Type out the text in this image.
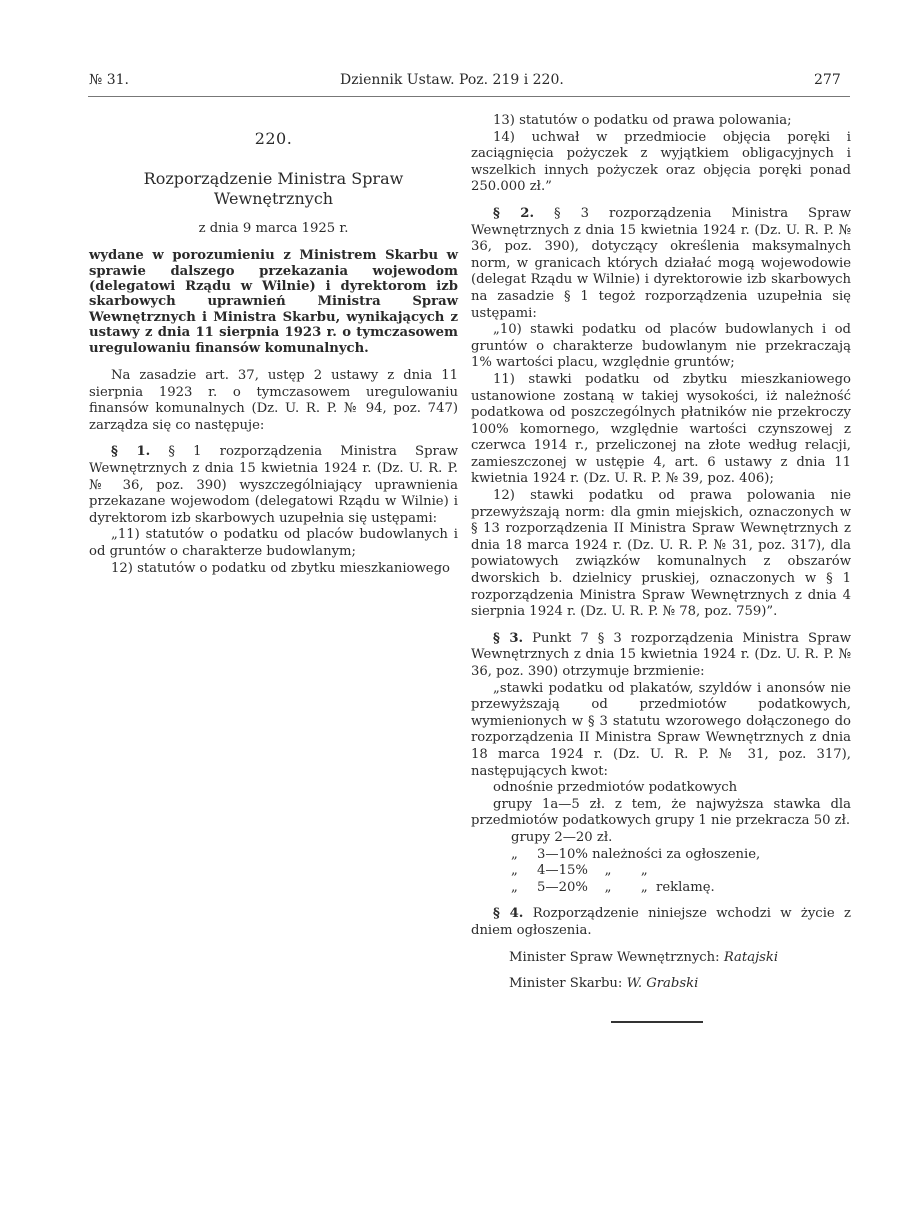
№ 31.	Dziennik Ustaw. Poz. 219 i 220.	277

220.

Rozporządzenie Ministra Spraw Wewnętrznych

z dnia 9 marca 1925 r.

wydane w porozumieniu z Ministrem Skarbu w sprawie dalszego przekazania wojewodom (delegatowi Rządu w Wilnie) i dyrektorom izb skarbowych uprawnień Ministra Spraw Wewnętrznych i Ministra Skarbu, wynikających z ustawy z dnia 11 sierpnia 1923 r. o tymczasowem uregulowaniu finansów komunalnych.

Na zasadzie art. 37, ustęp 2 ustawy z dnia 11 sierpnia 1923 r. o tymczasowem uregulowaniu finansów komunalnych (Dz. U. R. P. № 94, poz. 747) zarządza się co następuje:

§ 1. § 1 rozporządzenia Ministra Spraw Wewnętrznych z dnia 15 kwietnia 1924 r. (Dz. U. R. P. № 36, poz. 390) wyszczególniający uprawnienia przekazane wojewodom (delegatowi Rządu w Wilnie) i dyrektorom izb skarbowych uzupełnia się ustępami:

„11) statutów o podatku od placów budowlanych i od gruntów o charakterze budowlanym;

12) statutów o podatku od zbytku mieszkaniowego

13) statutów o podatku od prawa polowania;

14) uchwał w przedmiocie objęcia poręki i zaciągnięcia pożyczek z wyjątkiem obligacyjnych i wszelkich innych pożyczek oraz objęcia poręki ponad 250.000 zł.”

§ 2. § 3 rozporządzenia Ministra Spraw Wewnętrznych z dnia 15 kwietnia 1924 r. (Dz. U. R. P. № 36, poz. 390), dotyczący określenia maksymalnych norm, w granicach których działać mogą wojewodowie (delegat Rządu w Wilnie) i dyrektorowie izb skarbowych na zasadzie § 1 tegoż rozporządzenia uzupełnia się ustępami:

„10) stawki podatku od placów budowlanych i od gruntów o charakterze budowlanym nie przekraczają 1% wartości placu, względnie gruntów;

11) stawki podatku od zbytku mieszkaniowego ustanowione zostaną w takiej wysokości, iż należność podatkowa od poszczególnych płatników nie przekroczy 100% komornego, względnie wartości czynszowej z czerwca 1914 r., przeliczonej na złote według relacji, zamieszczonej w ustępie 4, art. 6 ustawy z dnia 11 kwietnia 1924 r. (Dz. U. R. P. № 39, poz. 406);

12) stawki podatku od prawa polowania nie przewyższają norm: dla gmin miejskich, oznaczonych w § 13 rozporządzenia II Ministra Spraw Wewnętrznych z dnia 18 marca 1924 r. (Dz. U. R. P. № 31, poz. 317), dla powiatowych związków komunalnych z obszarów dworskich b. dzielnicy pruskiej, oznaczonych w § 1 rozporządzenia Ministra Spraw Wewnętrznych z dnia 4 sierpnia 1924 r. (Dz. U. R. P. № 78, poz. 759)”.

§ 3. Punkt 7 § 3 rozporządzenia Ministra Spraw Wewnętrznych z dnia 15 kwietnia 1924 r. (Dz. U. R. P. № 36, poz. 390) otrzymuje brzmienie:

„stawki podatku od plakatów, szyldów i anonsów nie przewyższają od przedmiotów podatkowych, wymienionych w § 3 statutu wzorowego dołączonego do rozporządzenia II Ministra Spraw Wewnętrznych z dnia 18 marca 1924 r. (Dz. U. R. P. № 31, poz. 317), następujących kwot:

odnośnie przedmiotów podatkowych

grupy 1a—5 zł. z tem, że najwyższa stawka dla przedmiotów podatkowych grupy 1 nie przekracza 50 zł.

grupy 2—20 zł.

„	3—10% należności za ogłoszenie,
„	4—15%    „       „
„	5—20%    „       „  reklamę.

§ 4. Rozporządzenie niniejsze wchodzi w życie z dniem ogłoszenia.

Minister Spraw Wewnętrznych: Ratajski

Minister Skarbu: W. Grabski
